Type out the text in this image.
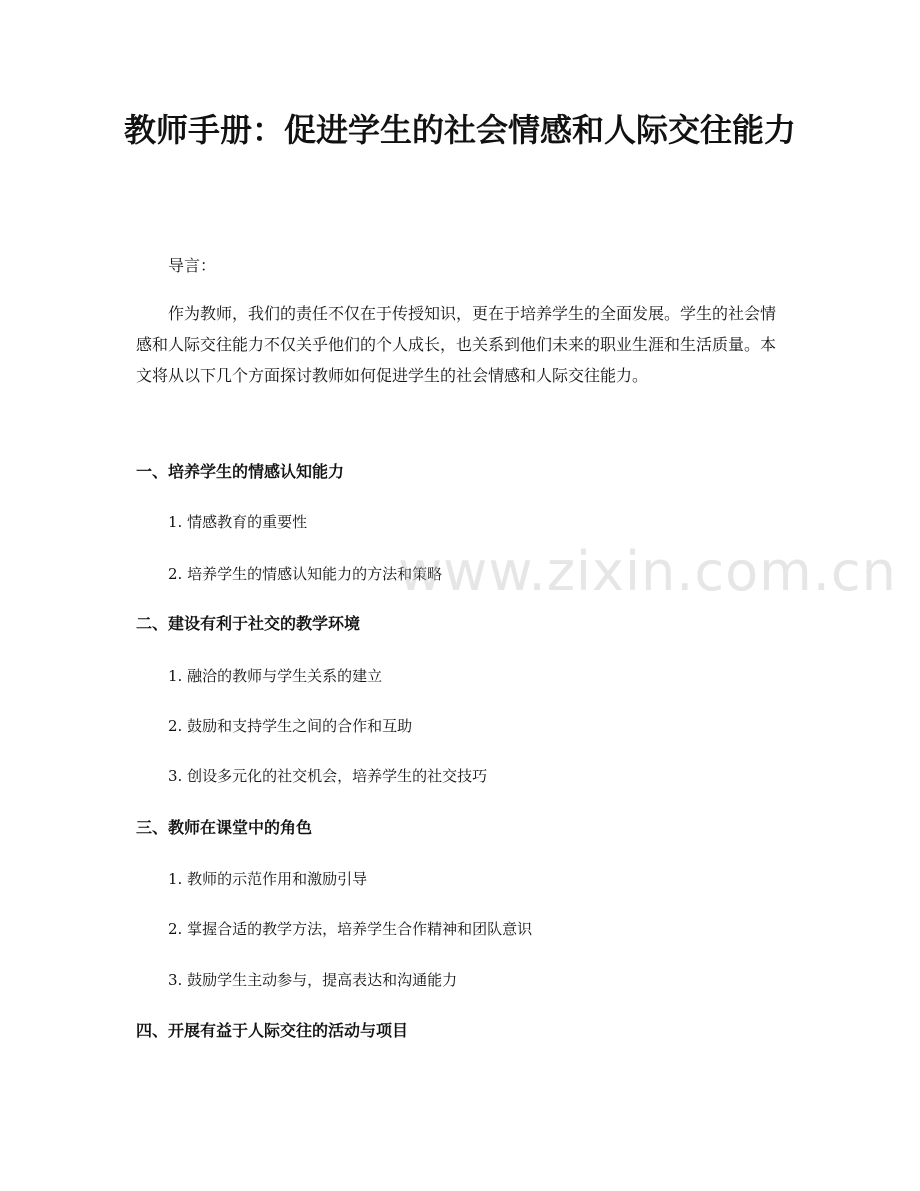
教师手册：促进学生的社会情感和人际交往能力

导言：

作为教师，我们的责任不仅在于传授知识，更在于培养学生的全面发展。学生的社会情感和人际交往能力不仅关乎他们的个人成长，也关系到他们未来的职业生涯和生活质量。本文将从以下几个方面探讨教师如何促进学生的社会情感和人际交往能力。

一、培养学生的情感认知能力

1. 情感教育的重要性

2. 培养学生的情感认知能力的方法和策略

二、建设有利于社交的教学环境

1. 融洽的教师与学生关系的建立

2. 鼓励和支持学生之间的合作和互助

3. 创设多元化的社交机会，培养学生的社交技巧

三、教师在课堂中的角色

1. 教师的示范作用和激励引导

2. 掌握合适的教学方法，培养学生合作精神和团队意识

3. 鼓励学生主动参与，提高表达和沟通能力

四、开展有益于人际交往的活动与项目
www.zixin.com.cn
